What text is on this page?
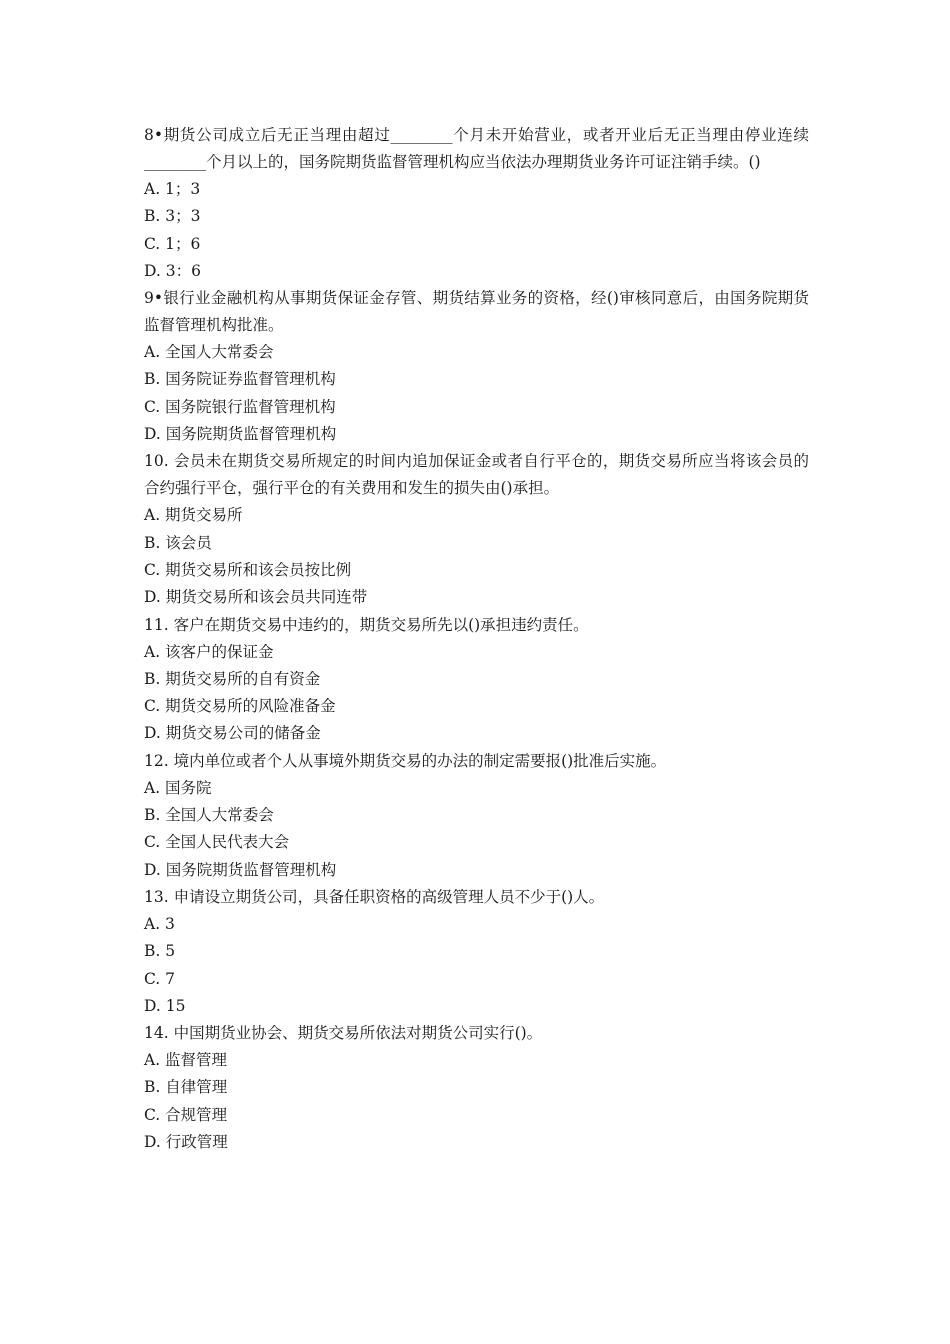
8•期货公司成立后无正当理由超过________个月未开始营业，或者开业后无正当理由停业连续________个月以上的，国务院期货监督管理机构应当依法办理期货业务许可证注销手续。()

A. 1；3

B. 3；3

C. 1；6

D. 3：6

9•银行业金融机构从事期货保证金存管、期货结算业务的资格，经()审核同意后，由国务院期货监督管理机构批准。

A. 全国人大常委会

B. 国务院证券监督管理机构

C. 国务院银行监督管理机构

D. 国务院期货监督管理机构

10. 会员未在期货交易所规定的时间内追加保证金或者自行平仓的，期货交易所应当将该会员的合约强行平仓，强行平仓的有关费用和发生的损失由()承担。

A. 期货交易所

B. 该会员

C. 期货交易所和该会员按比例

D. 期货交易所和该会员共同连带

11. 客户在期货交易中违约的，期货交易所先以()承担违约责任。

A. 该客户的保证金

B. 期货交易所的自有资金

C. 期货交易所的风险准备金

D. 期货交易公司的储备金

12. 境内单位或者个人从事境外期货交易的办法的制定需要报()批准后实施。

A. 国务院

B. 全国人大常委会

C. 全国人民代表大会

D. 国务院期货监督管理机构

13. 申请设立期货公司，具备任职资格的高级管理人员不少于()人。

A. 3

B. 5

C. 7

D. 15

14. 中国期货业协会、期货交易所依法对期货公司实行()。

A. 监督管理

B. 自律管理

C. 合规管理

D. 行政管理
